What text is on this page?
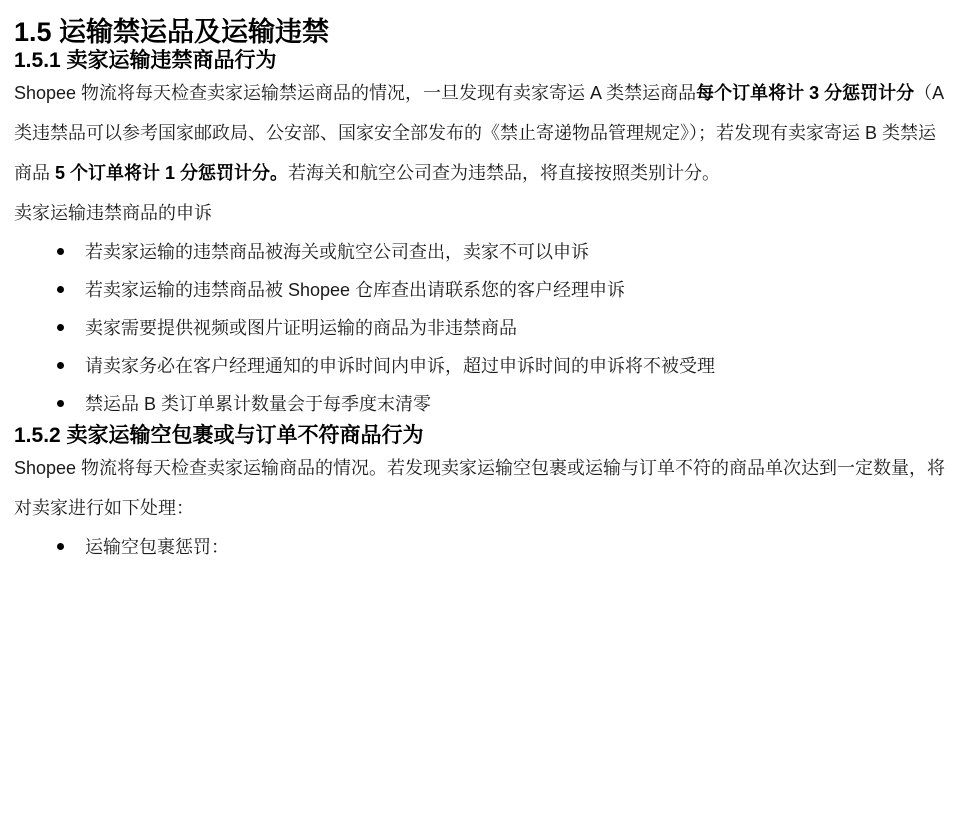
1.5 运输禁运品及运输违禁
1.5.1 卖家运输违禁商品行为

Shopee 物流将每天检查卖家运输禁运商品的情况，一旦发现有卖家寄运 A 类禁运商品每个订单将计 3 分惩罚计分（A 类违禁品可以参考国家邮政局、公安部、国家安全部发布的《禁止寄递物品管理规定》）；若发现有卖家寄运 B 类禁运商品 5 个订单将计 1 分惩罚计分。若海关和航空公司查为违禁品，将直接按照类别计分。

卖家运输违禁商品的申诉

若卖家运输的违禁商品被海关或航空公司查出，卖家不可以申诉
若卖家运输的违禁商品被 Shopee 仓库查出请联系您的客户经理申诉
卖家需要提供视频或图片证明运输的商品为非违禁商品
请卖家务必在客户经理通知的申诉时间内申诉，超过申诉时间的申诉将不被受理
禁运品 B 类订单累计数量会于每季度末清零
1.5.2 卖家运输空包裹或与订单不符商品行为

Shopee 物流将每天检查卖家运输商品的情况。若发现卖家运输空包裹或运输与订单不符的商品单次达到一定数量，将对卖家进行如下处理：

运输空包裹惩罚：
